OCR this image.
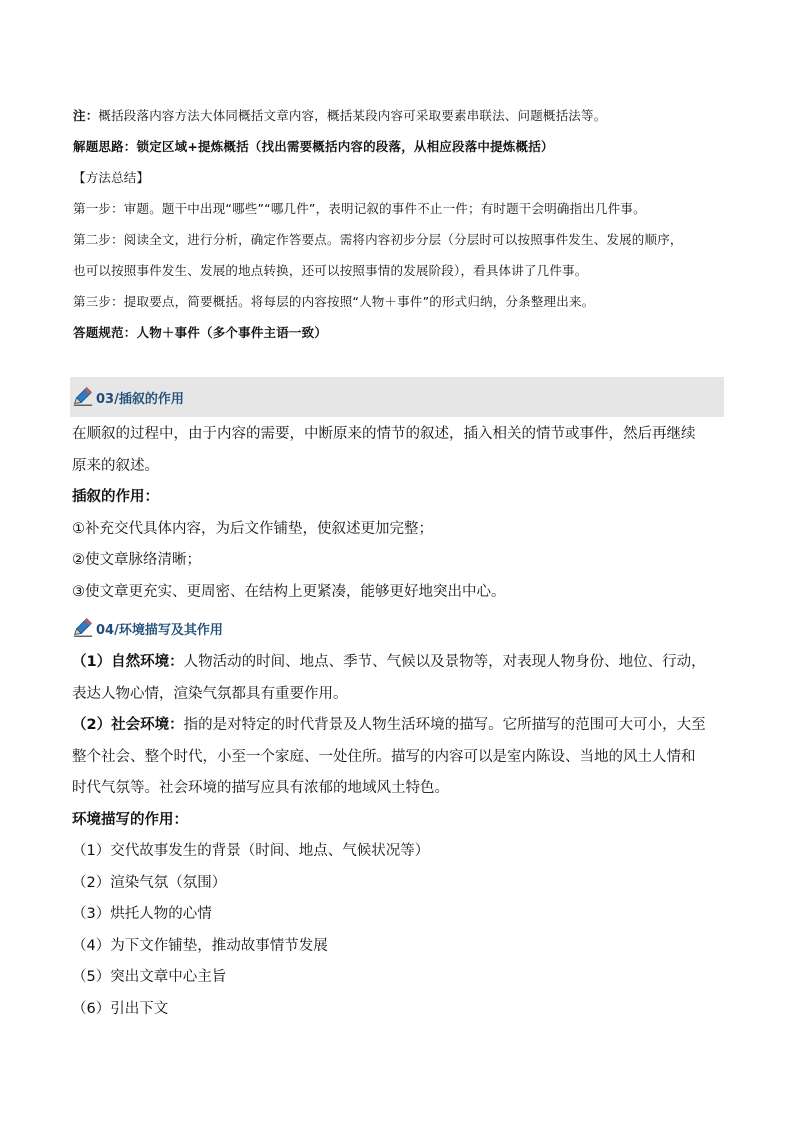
注：概括段落内容方法大体同概括文章内容，概括某段内容可采取要素串联法、问题概括法等。
解题思路：锁定区域+提炼概括（找出需要概括内容的段落，从相应段落中提炼概括）
【方法总结】
第一步：审题。题干中出现“哪些”“哪几件”，表明记叙的事件不止一件；有时题干会明确指出几件事。
第二步：阅读全文，进行分析，确定作答要点。需将内容初步分层（分层时可以按照事件发生、发展的顺序，
也可以按照事件发生、发展的地点转换，还可以按照事情的发展阶段），看具体讲了几件事。
第三步：提取要点，简要概括。将每层的内容按照“人物＋事件”的形式归纳，分条整理出来。
答题规范：人物＋事件（多个事件主语一致）
03/插叙的作用
在顺叙的过程中，由于内容的需要，中断原来的情节的叙述，插入相关的情节或事件，然后再继续
原来的叙述。
插叙的作用：
①补充交代具体内容，为后文作铺垫，使叙述更加完整；
②使文章脉络清晰；
③使文章更充实、更周密、在结构上更紧凑，能够更好地突出中心。
04/环境描写及其作用
（1）自然环境：人物活动的时间、地点、季节、气候以及景物等，对表现人物身份、地位、行动，
表达人物心情，渲染气氛都具有重要作用。
（2）社会环境：指的是对特定的时代背景及人物生活环境的描写。它所描写的范围可大可小，大至
整个社会、整个时代，小至一个家庭、一处住所。描写的内容可以是室内陈设、当地的风土人情和
时代气氛等。社会环境的描写应具有浓郁的地域风土特色。
环境描写的作用：
（1）交代故事发生的背景（时间、地点、气候状况等）
（2）渲染气氛（氛围）
（3）烘托人物的心情
（4）为下文作铺垫，推动故事情节发展
（5）突出文章中心主旨
（6）引出下文
